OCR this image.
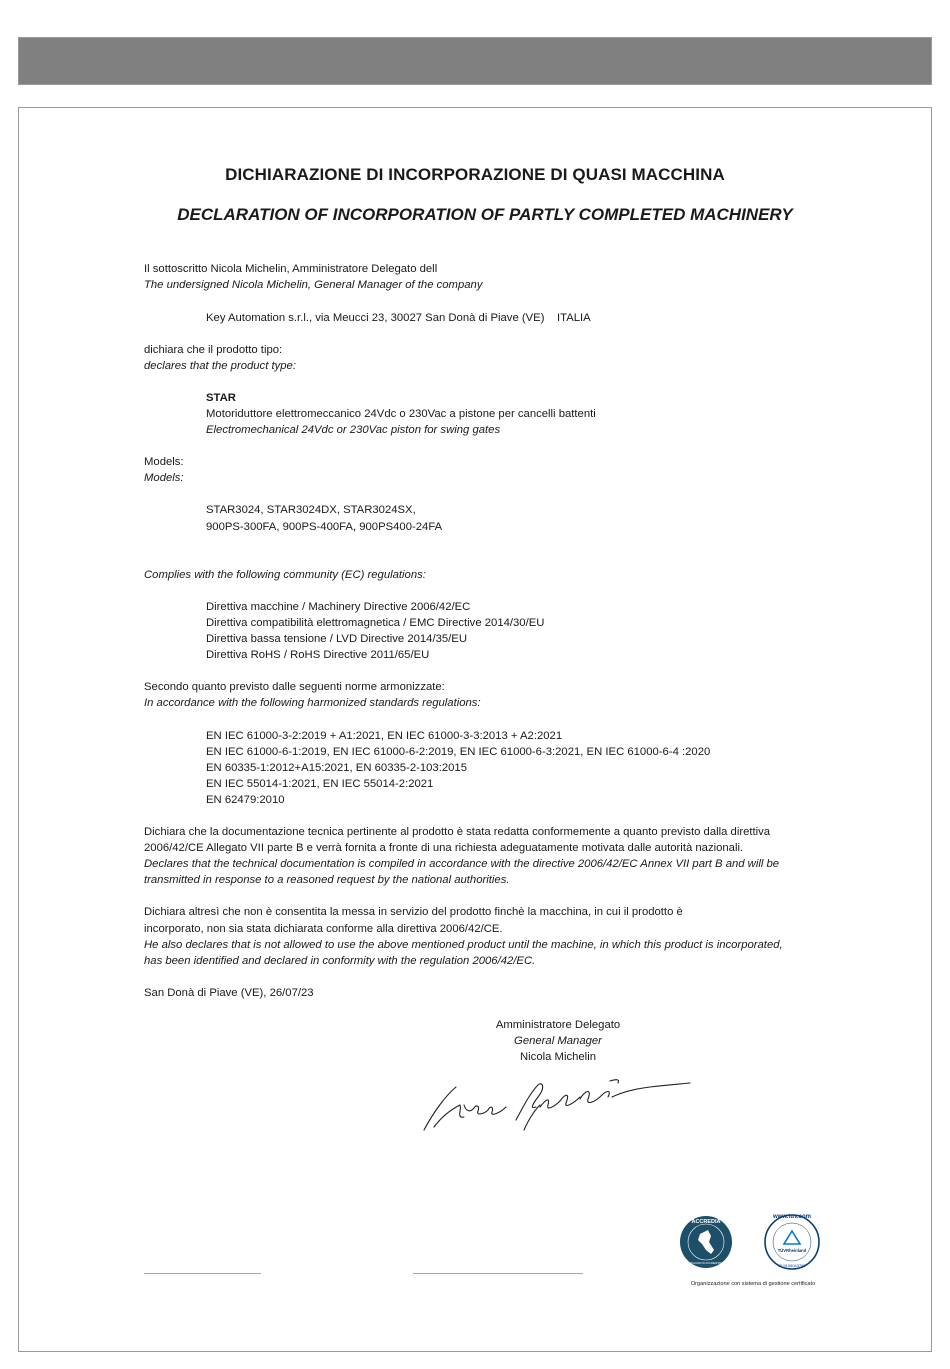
DICHIARAZIONE DI INCORPORAZIONE DI QUASI MACCHINA
DECLARATION OF INCORPORATION OF PARTLY COMPLETED MACHINERY
Il sottoscritto Nicola Michelin, Amministratore Delegato dell
The undersigned Nicola Michelin, General Manager of the company
Key Automation s.r.l., via Meucci 23, 30027 San Donà di Piave (VE)    ITALIA
dichiara che il prodotto tipo:
declares that the product type:
STAR
Motoriduttore elettromeccanico 24Vdc o 230Vac a pistone per cancelli battenti
Electromechanical 24Vdc or 230Vac piston for swing gates
Models:
Models:
STAR3024, STAR3024DX, STAR3024SX,
900PS-300FA, 900PS-400FA, 900PS400-24FA
Complies with the following community (EC) regulations:
Direttiva macchine / Machinery Directive 2006/42/EC
Direttiva compatibilità elettromagnetica / EMC Directive 2014/30/EU
Direttiva bassa tensione / LVD Directive 2014/35/EU
Direttiva RoHS / RoHS Directive 2011/65/EU
Secondo quanto previsto dalle seguenti norme armonizzate:
In accordance with the following harmonized standards regulations:
EN IEC 61000-3-2:2019 + A1:2021, EN IEC 61000-3-3:2013 + A2:2021
EN IEC 61000-6-1:2019, EN IEC 61000-6-2:2019, EN IEC 61000-6-3:2021, EN IEC 61000-6-4 :2020
EN 60335-1:2012+A15:2021, EN 60335-2-103:2015
EN IEC 55014-1:2021, EN IEC 55014-2:2021
EN 62479:2010
Dichiara che la documentazione tecnica pertinente al prodotto è stata redatta conformemente a quanto previsto dalla direttiva
2006/42/CE Allegato VII parte B e verrà fornita a fronte di una richiesta adeguatamente motivata dalle autorità nazionali.
Declares that the technical documentation is compiled in accordance with the directive 2006/42/EC Annex VII part B and will be
transmitted in response to a reasoned request by the national authorities.
Dichiara altresì che non è consentita la messa in servizio del prodotto finchè la macchina, in cui il prodotto è
incorporato, non sia stata dichiarata conforme alla direttiva 2006/42/CE.
He also declares that is not allowed to use the above mentioned product until the machine, in which this product is incorporated,
has been identified and declared in conformity with the regulation 2006/42/EC.
San Donà di Piave (VE), 26/07/23
Amministratore Delegato
General Manager
Nicola Michelin
ACCREDIA
ENTE ITALIANO DI ACCREDITAMENTO
www.tuv.com
TÜVRheinland
ID 9105043789
Organizzazione con sistema di gestione certificato
